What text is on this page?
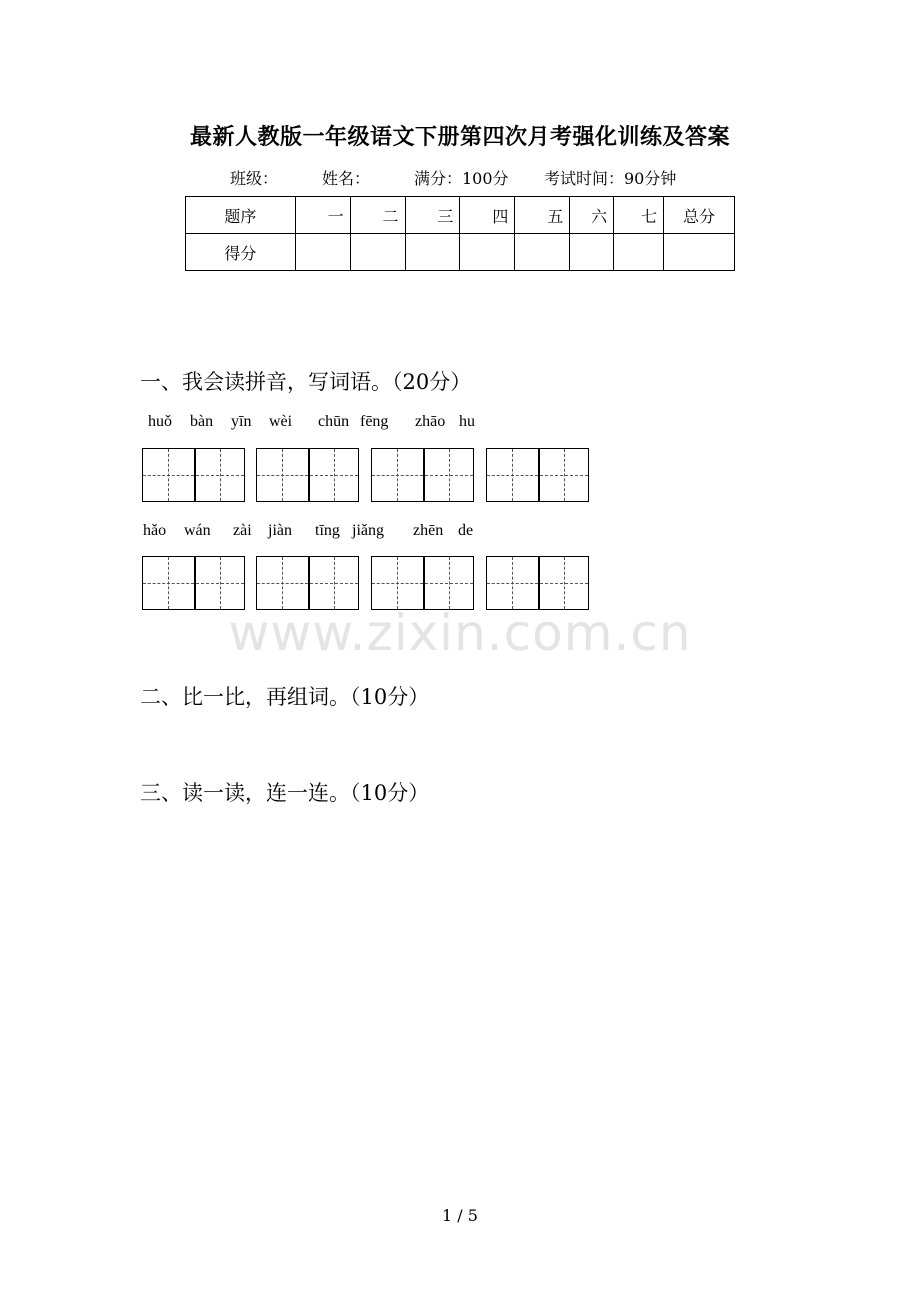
最新人教版一年级语文下册第四次月考强化训练及答案
班级：	姓名：	满分：100分 考试时间：90分钟
题序	一	二	三	四	五	六	七	总分
得分								
一、我会读拼音，写词语。（20分）
huǒ bàn yīn wèi chūn fēng zhāo hu
hǎo wán zài jiàn tīng jiǎng zhēn de
www.zixin.com.cn
二、比一比，再组词。（10分）
三、读一读，连一连。（10分）
1 / 5
